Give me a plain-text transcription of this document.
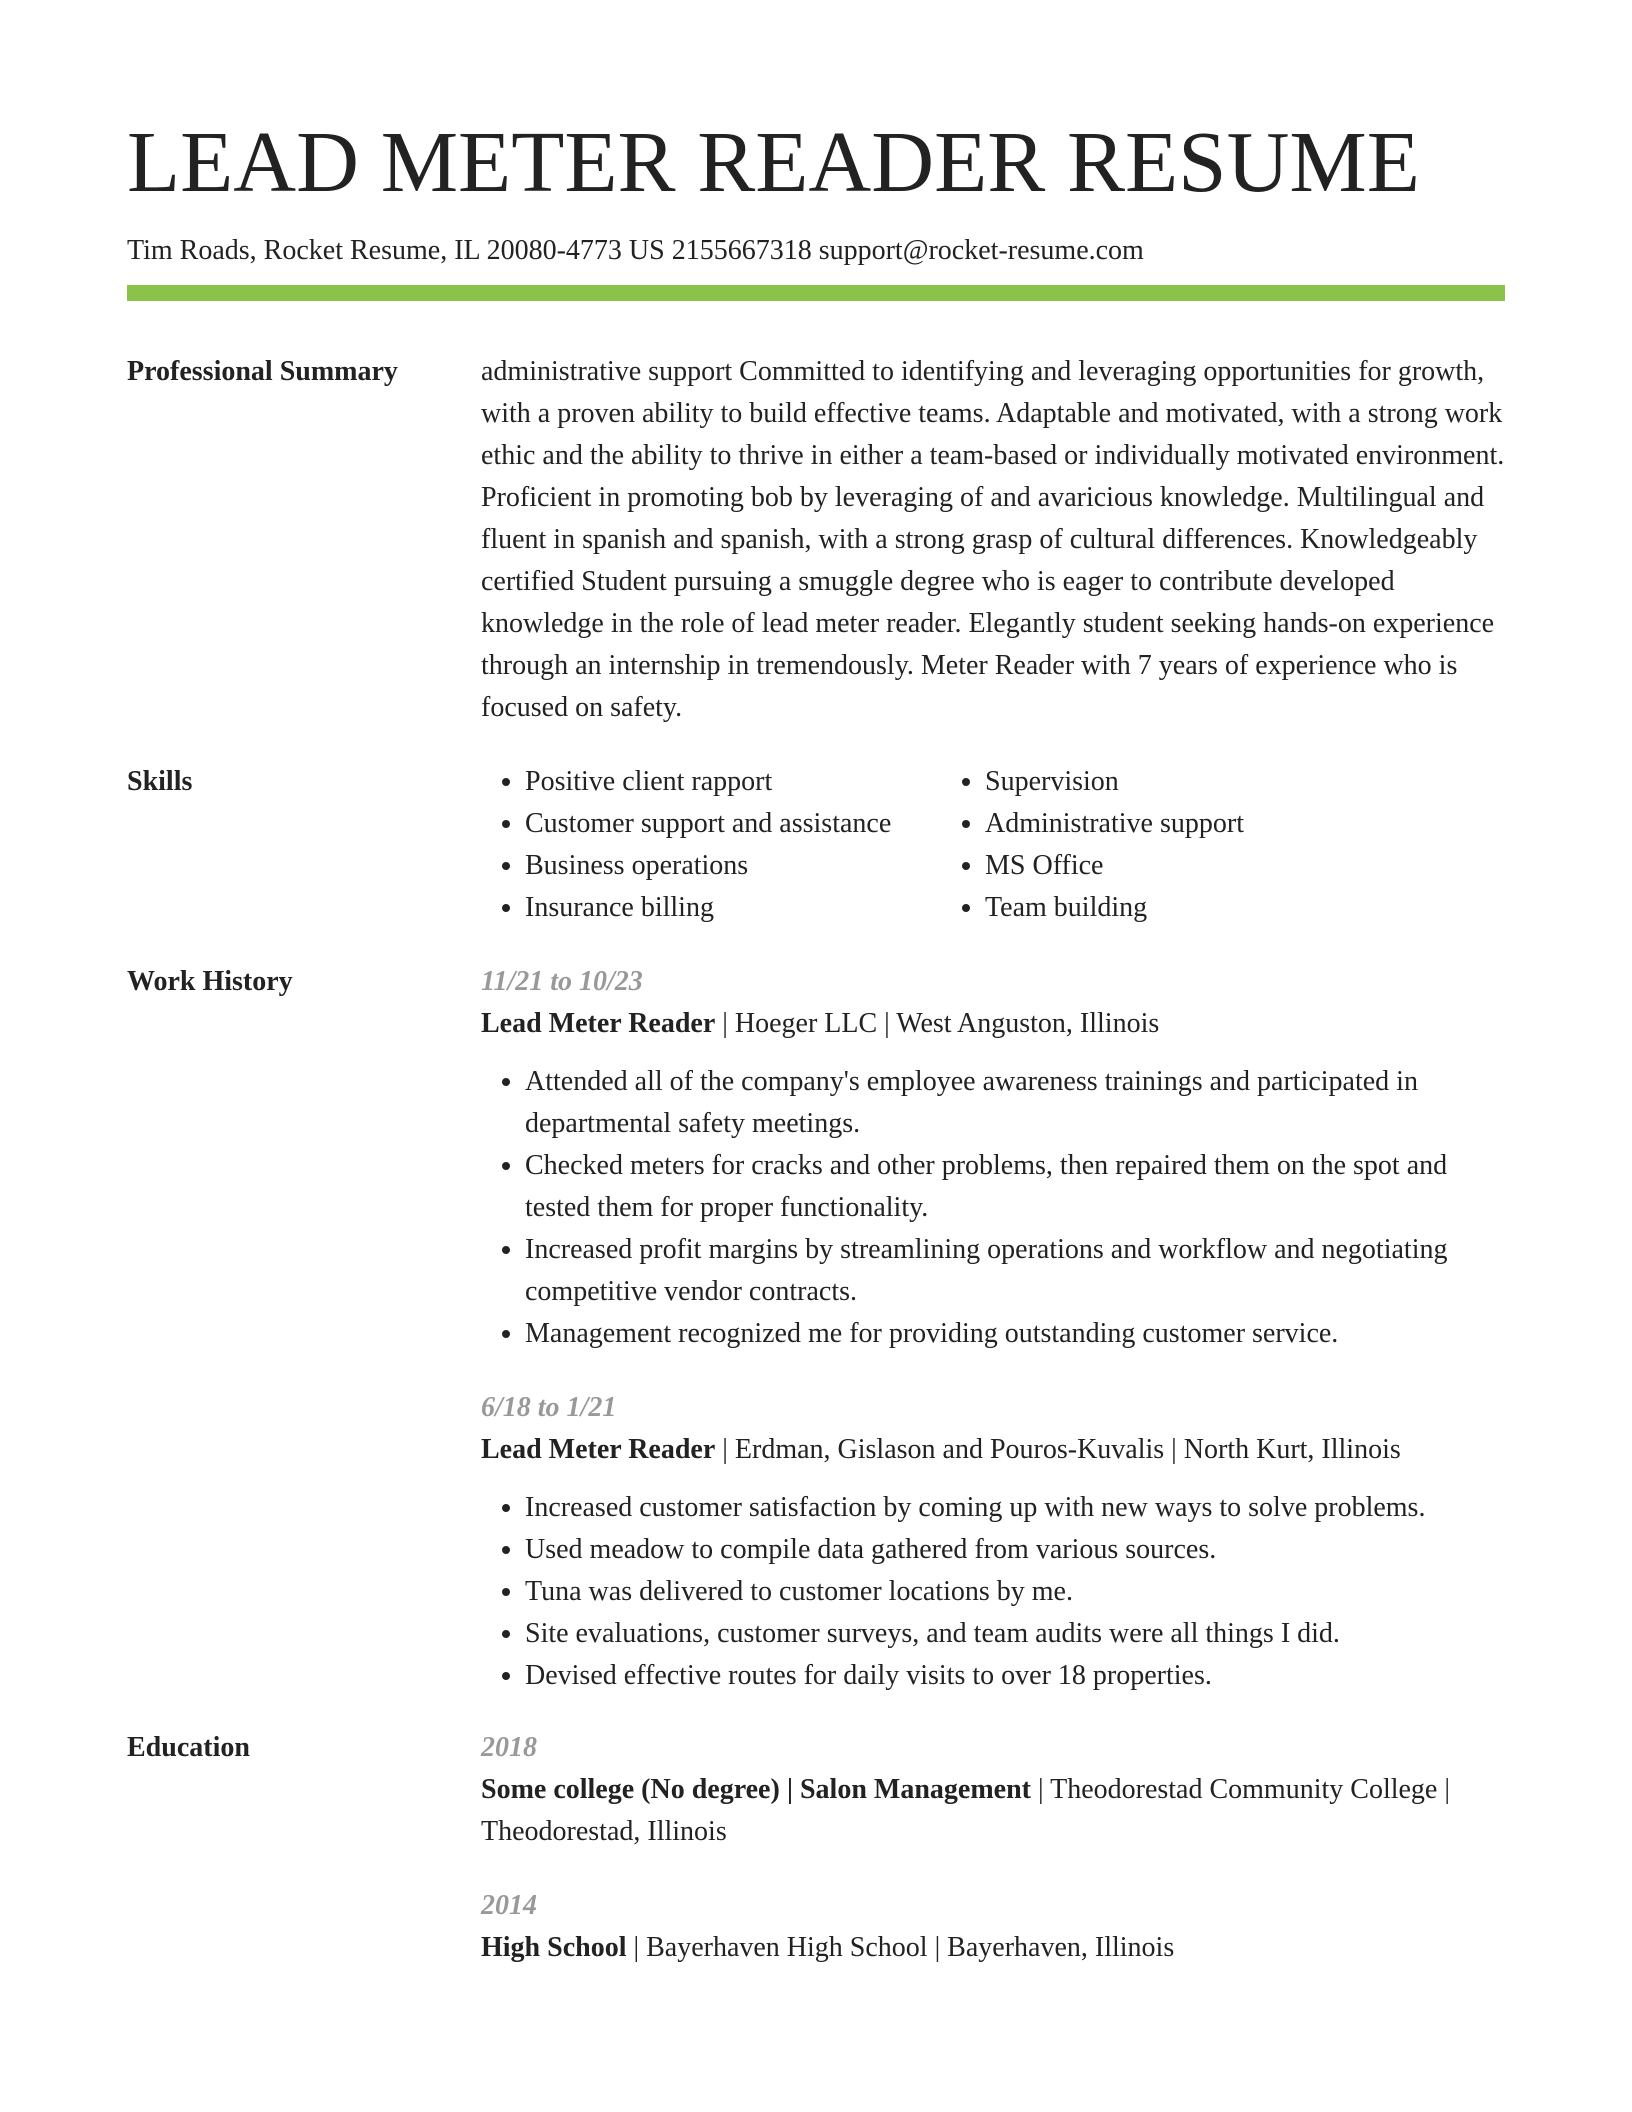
LEAD METER READER RESUME
Tim Roads, Rocket Resume, IL 20080-4773 US 2155667318 support@rocket-resume.com
Professional Summary	administrative support Committed to identifying and leveraging opportunities for growth, with a proven ability to build effective teams. Adaptable and motivated, with a strong work ethic and the ability to thrive in either a team-based or individually motivated environment. Proficient in promoting bob by leveraging of and avaricious knowledge. Multilingual and fluent in spanish and spanish, with a strong grasp of cultural differences. Knowledgeably certified Student pursuing a smuggle degree who is eager to contribute developed knowledge in the role of lead meter reader. Elegantly student seeking hands-on experience through an internship in tremendously. Meter Reader with 7 years of experience who is focused on safety.

Skills
•	Positive client rapport
• Customer support and assistance
• Business operations
• Insurance billing
• Supervision
• Administrative support
• MS Office
• Team building
Work History	11/21 to 10/23
Lead Meter Reader | Hoeger LLC | West Anguston, Illinois
• Attended all of the company's employee awareness trainings and participated in departmental safety meetings.
• Checked meters for cracks and other problems, then repaired them on the spot and tested them for proper functionality.
• Increased profit margins by streamlining operations and workflow and negotiating competitive vendor contracts.
• Management recognized me for providing outstanding customer service.
6/18 to 1/21
Lead Meter Reader | Erdman, Gislason and Pouros-Kuvalis | North Kurt, Illinois
• Increased customer satisfaction by coming up with new ways to solve problems.
• Used meadow to compile data gathered from various sources.
• Tuna was delivered to customer locations by me.
• Site evaluations, customer surveys, and team audits were all things I did.
• Devised effective routes for daily visits to over 18 properties.
Education	2018
Some college (No degree) | Salon Management | Theodorestad Community College | Theodorestad, Illinois
2014
High School | Bayerhaven High School | Bayerhaven, Illinois
